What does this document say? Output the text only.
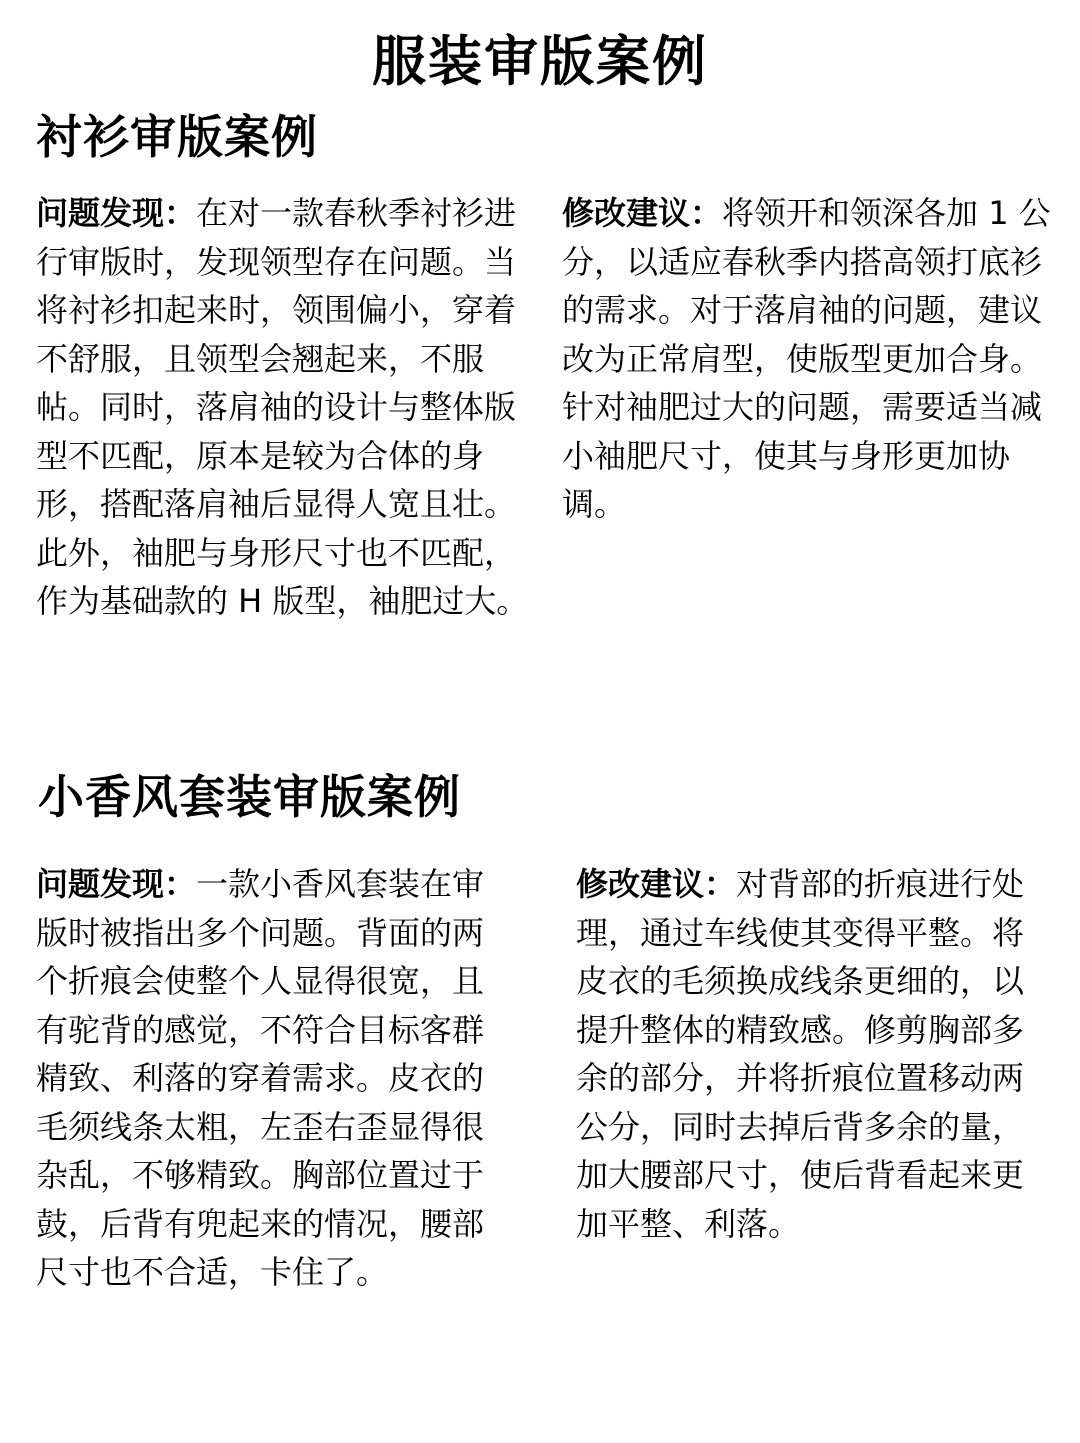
服装审版案例
衬衫审版案例

问题发现：在对一款春秋季衬衫进行审版时，发现领型存在问题。当将衬衫扣起来时，领围偏小，穿着不舒服，且领型会翘起来，不服帖。同时，落肩袖的设计与整体版型不匹配，原本是较为合体的身形，搭配落肩袖后显得人宽且壮。此外，袖肥与身形尺寸也不匹配，作为基础款的 H 版型，袖肥过大。

修改建议：将领开和领深各加 1 公分，以适应春秋季内搭高领打底衫的需求。对于落肩袖的问题，建议改为正常肩型，使版型更加合身。针对袖肥过大的问题，需要适当减小袖肥尺寸，使其与身形更加协调。

小香风套装审版案例

问题发现：一款小香风套装在审版时被指出多个问题。背面的两个折痕会使整个人显得很宽，且有驼背的感觉，不符合目标客群精致、利落的穿着需求。皮衣的毛须线条太粗，左歪右歪显得很杂乱，不够精致。胸部位置过于鼓，后背有兜起来的情况，腰部尺寸也不合适，卡住了。

修改建议：对背部的折痕进行处理，通过车线使其变得平整。将皮衣的毛须换成线条更细的，以提升整体的精致感。修剪胸部多余的部分，并将折痕位置移动两公分，同时去掉后背多余的量，加大腰部尺寸，使后背看起来更加平整、利落。
